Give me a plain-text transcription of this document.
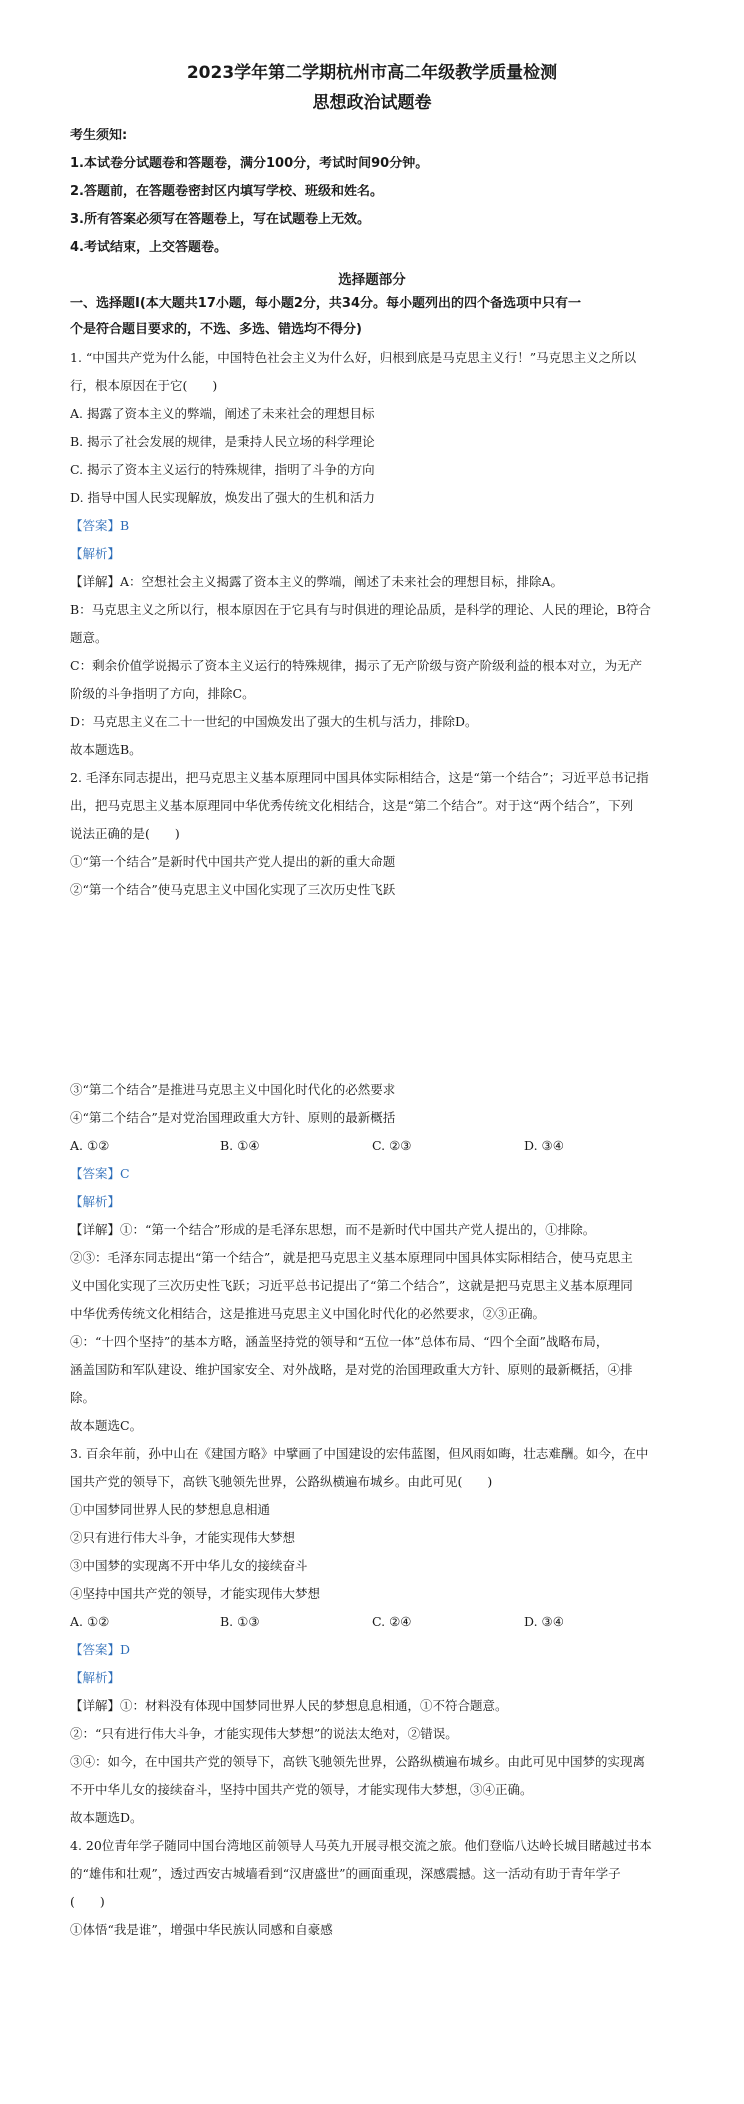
2023学年第二学期杭州市高二年级教学质量检测
思想政治试题卷
考生须知:
1.本试卷分试题卷和答题卷，满分100分，考试时间90分钟。
2.答题前，在答题卷密封区内填写学校、班级和姓名。
3.所有答案必须写在答题卷上，写在试题卷上无效。
4.考试结束，上交答题卷。
选择题部分
一、选择题Ⅰ(本大题共17小题，每小题2分，共34分。每小题列出的四个备选项中只有一
个是符合题目要求的，不选、多选、错选均不得分)
1. “中国共产党为什么能，中国特色社会主义为什么好，归根到底是马克思主义行！”马克思主义之所以
行，根本原因在于它(　　)
A. 揭露了资本主义的弊端，阐述了未来社会的理想目标
B. 揭示了社会发展的规律，是秉持人民立场的科学理论
C. 揭示了资本主义运行的特殊规律，指明了斗争的方向
D. 指导中国人民实现解放，焕发出了强大的生机和活力
【答案】B
【解析】
【详解】A：空想社会主义揭露了资本主义的弊端，阐述了未来社会的理想目标，排除A。
B：马克思主义之所以行，根本原因在于它具有与时俱进的理论品质，是科学的理论、人民的理论，B符合
题意。
C：剩余价值学说揭示了资本主义运行的特殊规律，揭示了无产阶级与资产阶级利益的根本对立，为无产
阶级的斗争指明了方向，排除C。
D：马克思主义在二十一世纪的中国焕发出了强大的生机与活力，排除D。
故本题选B。
2. 毛泽东同志提出，把马克思主义基本原理同中国具体实际相结合，这是“第一个结合”；习近平总书记指
出，把马克思主义基本原理同中华优秀传统文化相结合，这是“第二个结合”。对于这“两个结合”，下列
说法正确的是(　　)
①“第一个结合”是新时代中国共产党人提出的新的重大命题
②“第一个结合”使马克思主义中国化实现了三次历史性飞跃
③“第二个结合”是推进马克思主义中国化时代化的必然要求
④“第二个结合”是对党治国理政重大方针、原则的最新概括
A. ①②	B. ①④	C. ②③	D. ③④
【答案】C
【解析】
【详解】①：“第一个结合”形成的是毛泽东思想，而不是新时代中国共产党人提出的，①排除。
②③：毛泽东同志提出“第一个结合”，就是把马克思主义基本原理同中国具体实际相结合，使马克思主
义中国化实现了三次历史性飞跃；习近平总书记提出了“第二个结合”，这就是把马克思主义基本原理同
中华优秀传统文化相结合，这是推进马克思主义中国化时代化的必然要求，②③正确。
④：“十四个坚持”的基本方略，涵盖坚持党的领导和“五位一体”总体布局、“四个全面”战略布局，
涵盖国防和军队建设、维护国家安全、对外战略，是对党的治国理政重大方针、原则的最新概括，④排
除。
故本题选C。
3. 百余年前，孙中山在《建国方略》中擘画了中国建设的宏伟蓝图，但风雨如晦，壮志难酬。如今，在中
国共产党的领导下，高铁飞驰领先世界，公路纵横遍布城乡。由此可见(　　)
①中国梦同世界人民的梦想息息相通
②只有进行伟大斗争，才能实现伟大梦想
③中国梦的实现离不开中华儿女的接续奋斗
④坚持中国共产党的领导，才能实现伟大梦想
A. ①②	B. ①③	C. ②④	D. ③④
【答案】D
【解析】
【详解】①：材料没有体现中国梦同世界人民的梦想息息相通，①不符合题意。
②：“只有进行伟大斗争，才能实现伟大梦想”的说法太绝对，②错误。
③④：如今，在中国共产党的领导下，高铁飞驰领先世界，公路纵横遍布城乡。由此可见中国梦的实现离
不开中华儿女的接续奋斗，坚持中国共产党的领导，才能实现伟大梦想，③④正确。
故本题选D。
4. 20位青年学子随同中国台湾地区前领导人马英九开展寻根交流之旅。他们登临八达岭长城目睹越过书本
的“雄伟和壮观”，透过西安古城墙看到“汉唐盛世”的画面重现，深感震撼。这一活动有助于青年学子
(　　)
①体悟“我是谁”，增强中华民族认同感和自豪感
